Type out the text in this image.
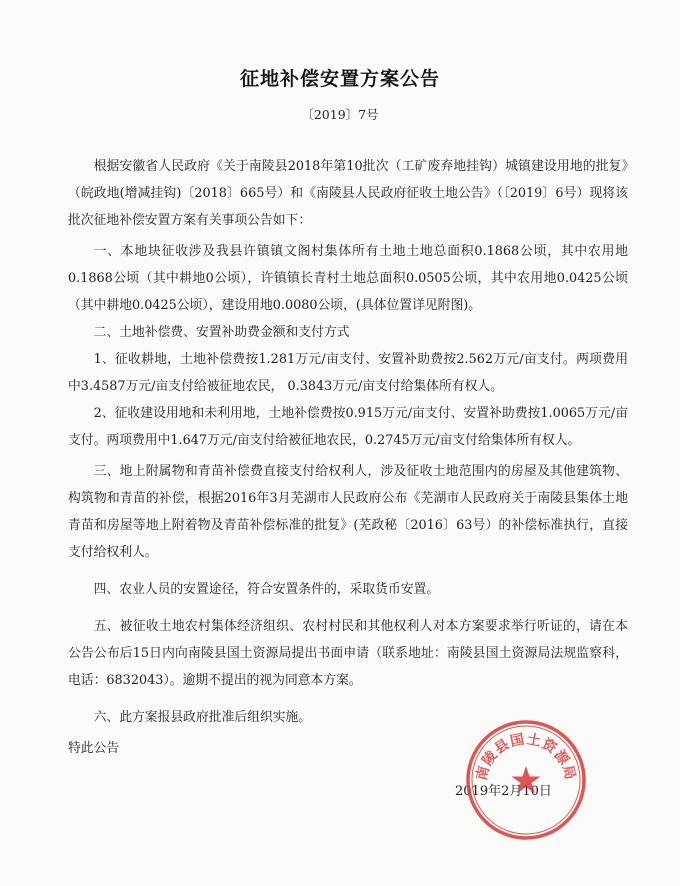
征地补偿安置方案公告
〔2019〕7号

根据安徽省人民政府《关于南陵县2018年第10批次（工矿废弃地挂钩）城镇建设用地的批复》（皖政地(增减挂钩)〔2018〕665号）和《南陵县人民政府征收土地公告》（〔2019〕6号）现将该批次征地补偿安置方案有关事项公告如下：

一、本地块征收涉及我县许镇镇文阁村集体所有土地土地总面积0.1868公顷，其中农用地0.1868公顷（其中耕地0公顷），许镇镇长青村土地总面积0.0505公顷，其中农用地0.0425公顷（其中耕地0.0425公顷），建设用地0.0080公顷，(具体位置详见附图)。

二、土地补偿费、安置补助费金额和支付方式

1、征收耕地，土地补偿费按1.281万元/亩支付、安置补助费按2.562万元/亩支付。两项费用中3.4587万元/亩支付给被征地农民， 0.3843万元/亩支付给集体所有权人。

2、征收建设用地和未利用地，土地补偿费按0.915万元/亩支付、安置补助费按1.0065万元/亩支付。两项费用中1.647万元/亩支付给被征地农民，0.2745万元/亩支付给集体所有权人。

三、地上附属物和青苗补偿费直接支付给权利人，涉及征收土地范围内的房屋及其他建筑物、构筑物和青苗的补偿，根据2016年3月芜湖市人民政府公布《芜湖市人民政府关于南陵县集体土地青苗和房屋等地上附着物及青苗补偿标准的批复》(芜政秘〔2016〕63号）的补偿标准执行，直接支付给权利人。

四、农业人员的安置途径，符合安置条件的，采取货币安置。

五、被征收土地农村集体经济组织、农村村民和其他权利人对本方案要求举行听证的，请在本公告公布后15日内向南陵县国土资源局提出书面申请（联系地址：南陵县国土资源局法规监察科，电话：6832043）。逾期不提出的视为同意本方案。

六、此方案报县政府批准后组织实施。

特此公告

2019年2月10日
南陵县国土资源局
